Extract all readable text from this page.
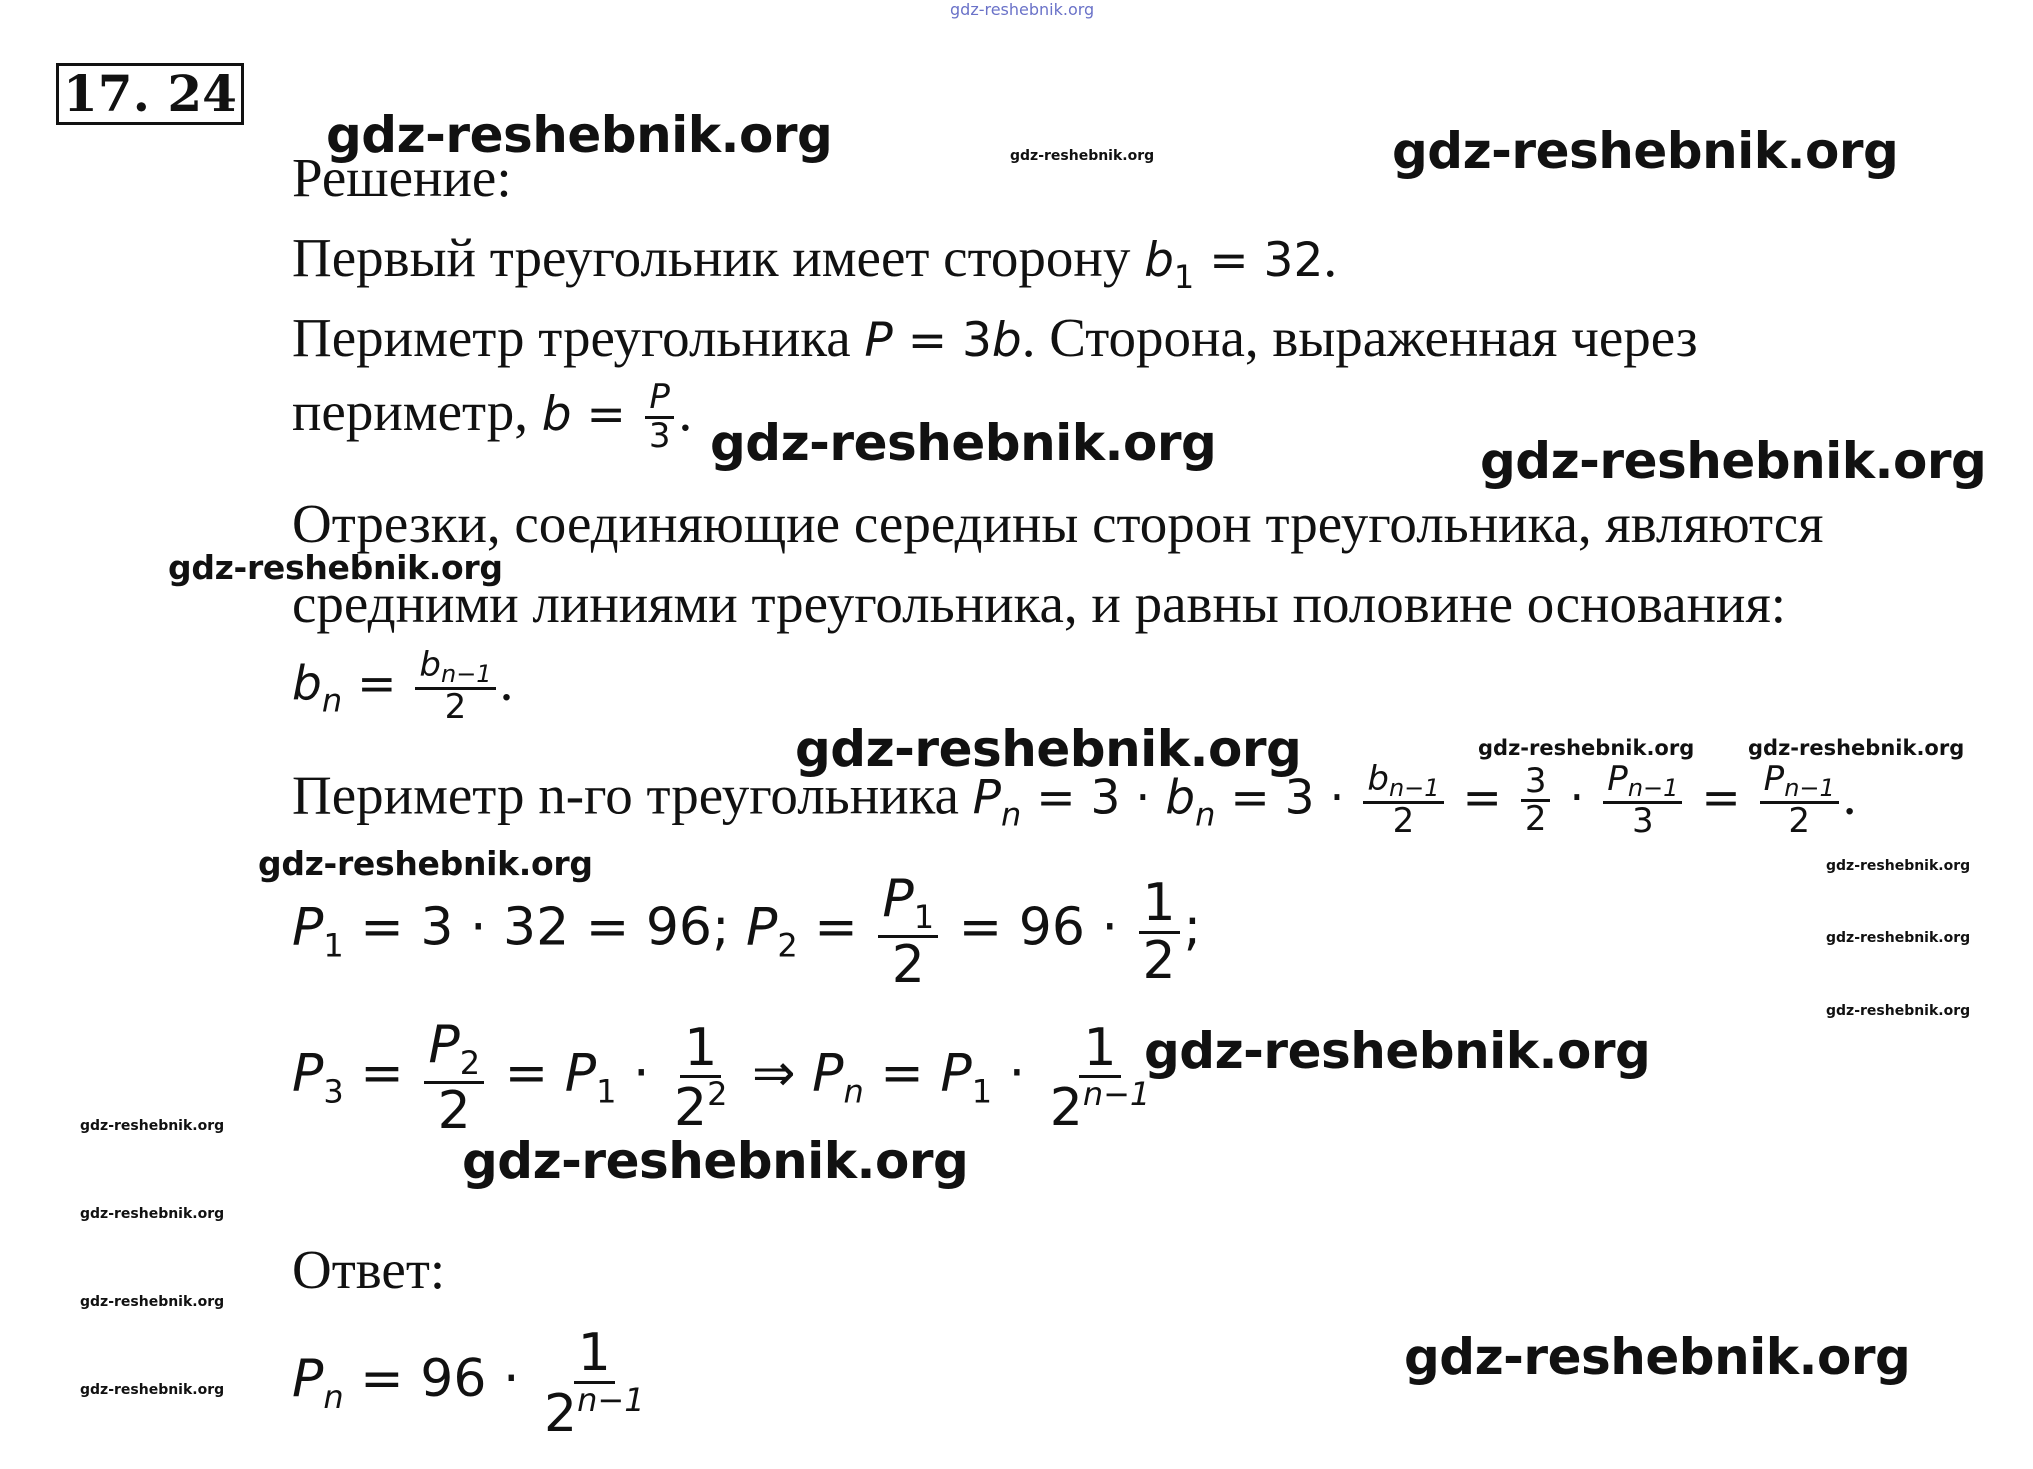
gdz-reshebnik.org
17. 24
gdz-reshebnik.org	gdz-reshebnik.org	gdz-reshebnik.org
gdz-reshebnik.org	gdz-reshebnik.org
gdz-reshebnik.org
gdz-reshebnik.org	gdz-reshebnik.org	gdz-reshebnik.org
gdz-reshebnik.org	gdz-reshebnik.org
gdz-reshebnik.org
gdz-reshebnik.org
gdz-reshebnik.org
gdz-reshebnik.org
gdz-reshebnik.org
gdz-reshebnik.org
gdz-reshebnik.org
gdz-reshebnik.org
gdz-reshebnik.org
Решение:
Первый треугольник имеет сторону $b_1 = 32$.
Периметр треугольника P = 3b. Сторона, выраженная через
периметр, $b = \frac{P}{3}$ .
Отрезки, соединяющие середины сторон треугольника, являются
средними линиями треугольника, и равны половине основания:
$b_n = \frac{b_{n-1}}{2}$ .
Периметр n-го треугольника $P_n = 3 \cdot b_n = 3 \cdot \frac{b_{n-1}}{2} = \frac{3}{2} \cdot \frac{P_{n-1}}{3} = \frac{P_{n-1}}{2}$ .
$P_1 = 3 \cdot 32 = 96$; $P_2 = \frac{P_1}{2} = 96 \cdot \frac{1}{2}$ ;
$P_3 = \frac{P_2}{2} = P_1 \cdot \frac{1}{2^2}$ ⇒ $P_n = P_1 \cdot \frac{1}{2^{n-1}}$
Ответ:
$P_n = 96 \cdot \frac{1}{2^{n-1}}$
